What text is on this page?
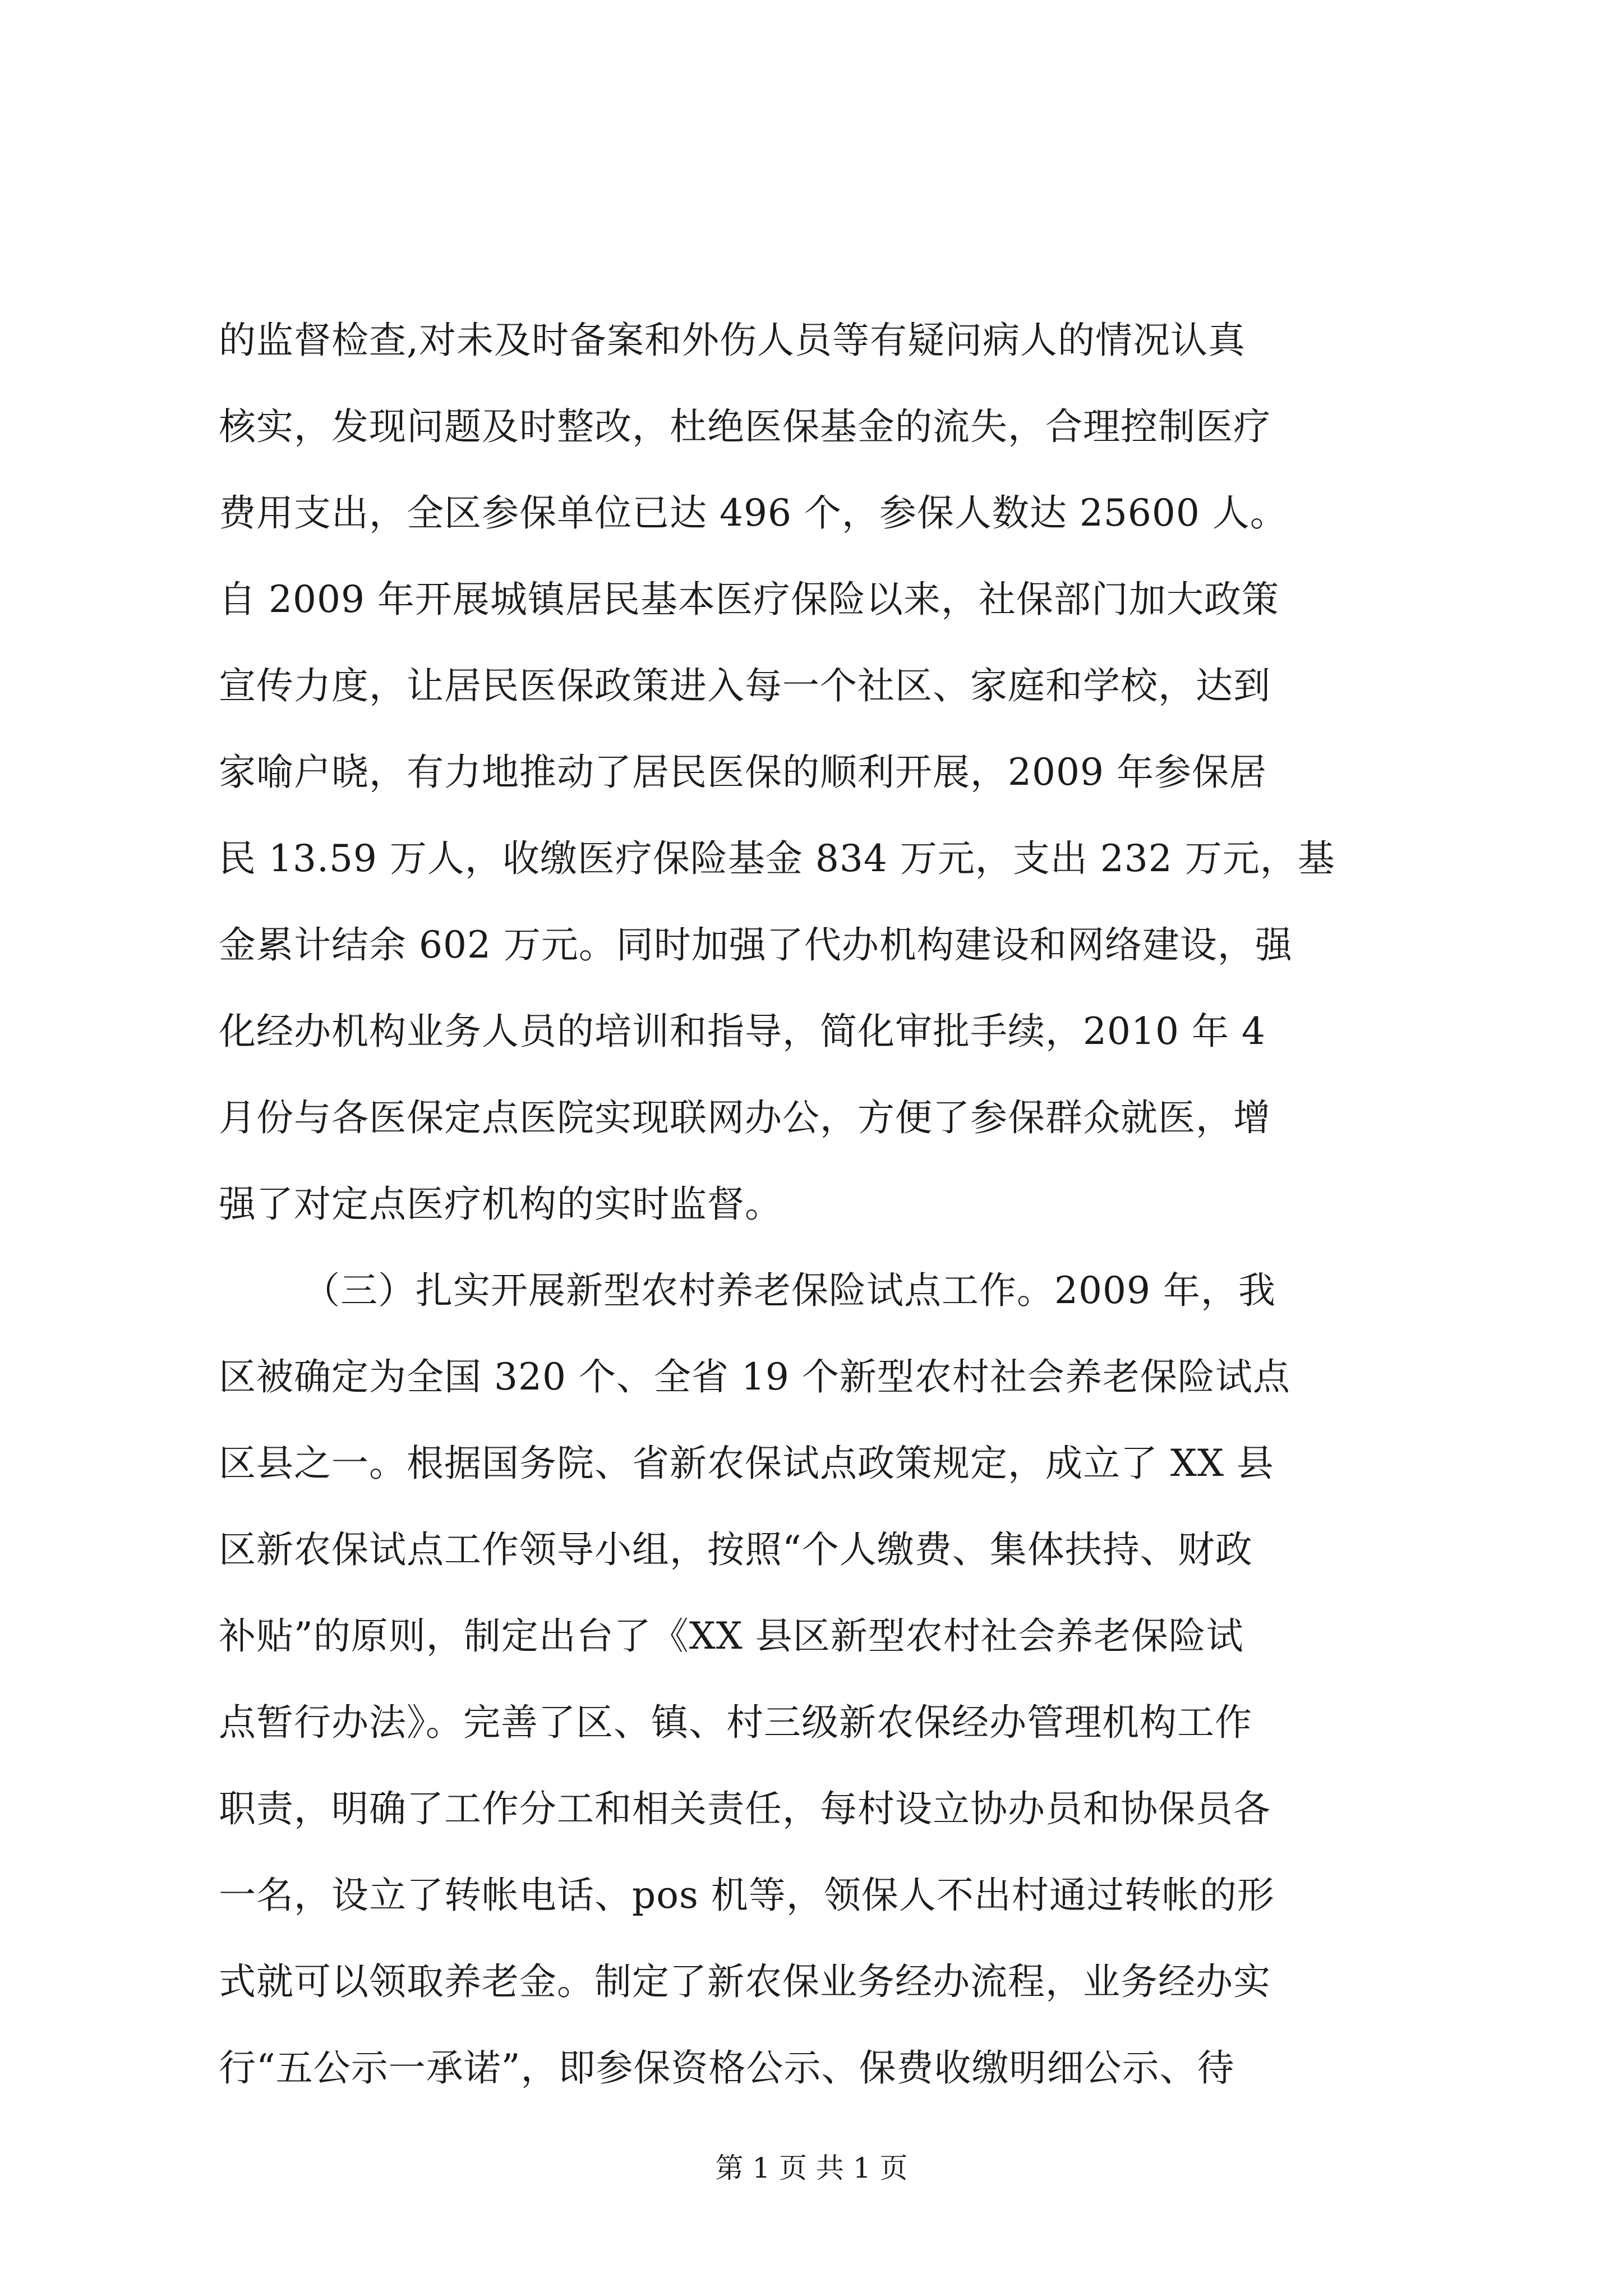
的监督检查,对未及时备案和外伤人员等有疑问病人的情况认真
核实，发现问题及时整改，杜绝医保基金的流失，合理控制医疗
费用支出，全区参保单位已达 496 个，参保人数达 25600 人。
自 2009 年开展城镇居民基本医疗保险以来，社保部门加大政策
宣传力度，让居民医保政策进入每一个社区、家庭和学校，达到
家喻户晓，有力地推动了居民医保的顺利开展，2009 年参保居
民 13.59 万人，收缴医疗保险基金 834 万元，支出 232 万元，基
金累计结余 602 万元。同时加强了代办机构建设和网络建设，强
化经办机构业务人员的培训和指导，简化审批手续，2010 年 4
月份与各医保定点医院实现联网办公，方便了参保群众就医，增
强了对定点医疗机构的实时监督。
（三）扎实开展新型农村养老保险试点工作。2009 年，我
区被确定为全国 320 个、全省 19 个新型农村社会养老保险试点
区县之一。根据国务院、省新农保试点政策规定，成立了 XX 县
区新农保试点工作领导小组，按照“个人缴费、集体扶持、财政
补贴”的原则，制定出台了《XX 县区新型农村社会养老保险试
点暂行办法》。完善了区、镇、村三级新农保经办管理机构工作
职责，明确了工作分工和相关责任，每村设立协办员和协保员各
一名，设立了转帐电话、pos 机等，领保人不出村通过转帐的形
式就可以领取养老金。制定了新农保业务经办流程，业务经办实
行“五公示一承诺”，即参保资格公示、保费收缴明细公示、待
第 1 页 共 1 页
